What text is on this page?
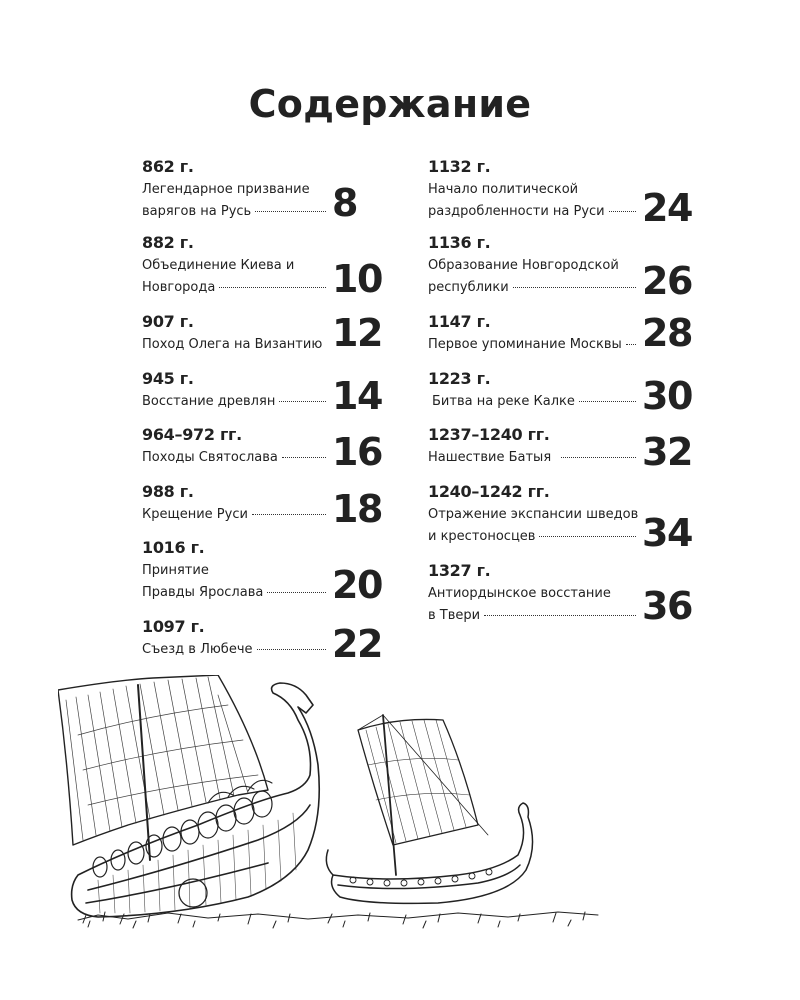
Содержание
862 г.
Легендарное призвание
варягов на Русь 8
882 г.
Объединение Киева и
Новгорода	10
907 г.
Поход Олега на Византию 12
945 г.
Восстание древлян 14
964–972 гг.
Походы Святослава 16
988 г.
Крещение Руси 18
1016 г.
Принятие
Правды Ярослава 20
1097 г.
Съезд в Любече 22
1132 г.
Начало политической
раздробленности на Руси 24
1136 г.
Образование Новгородской
республики	26
1147 г.
Первое упоминание Москвы 28
1223 г.
Битва на реке Калке 30
1237–1240 гг.
Нашествие Батыя 32
1240–1242 гг.
Отражение экспансии шведов
и крестоносцев	34
1327 г.
Антиордынское восстание
в Твери	36
